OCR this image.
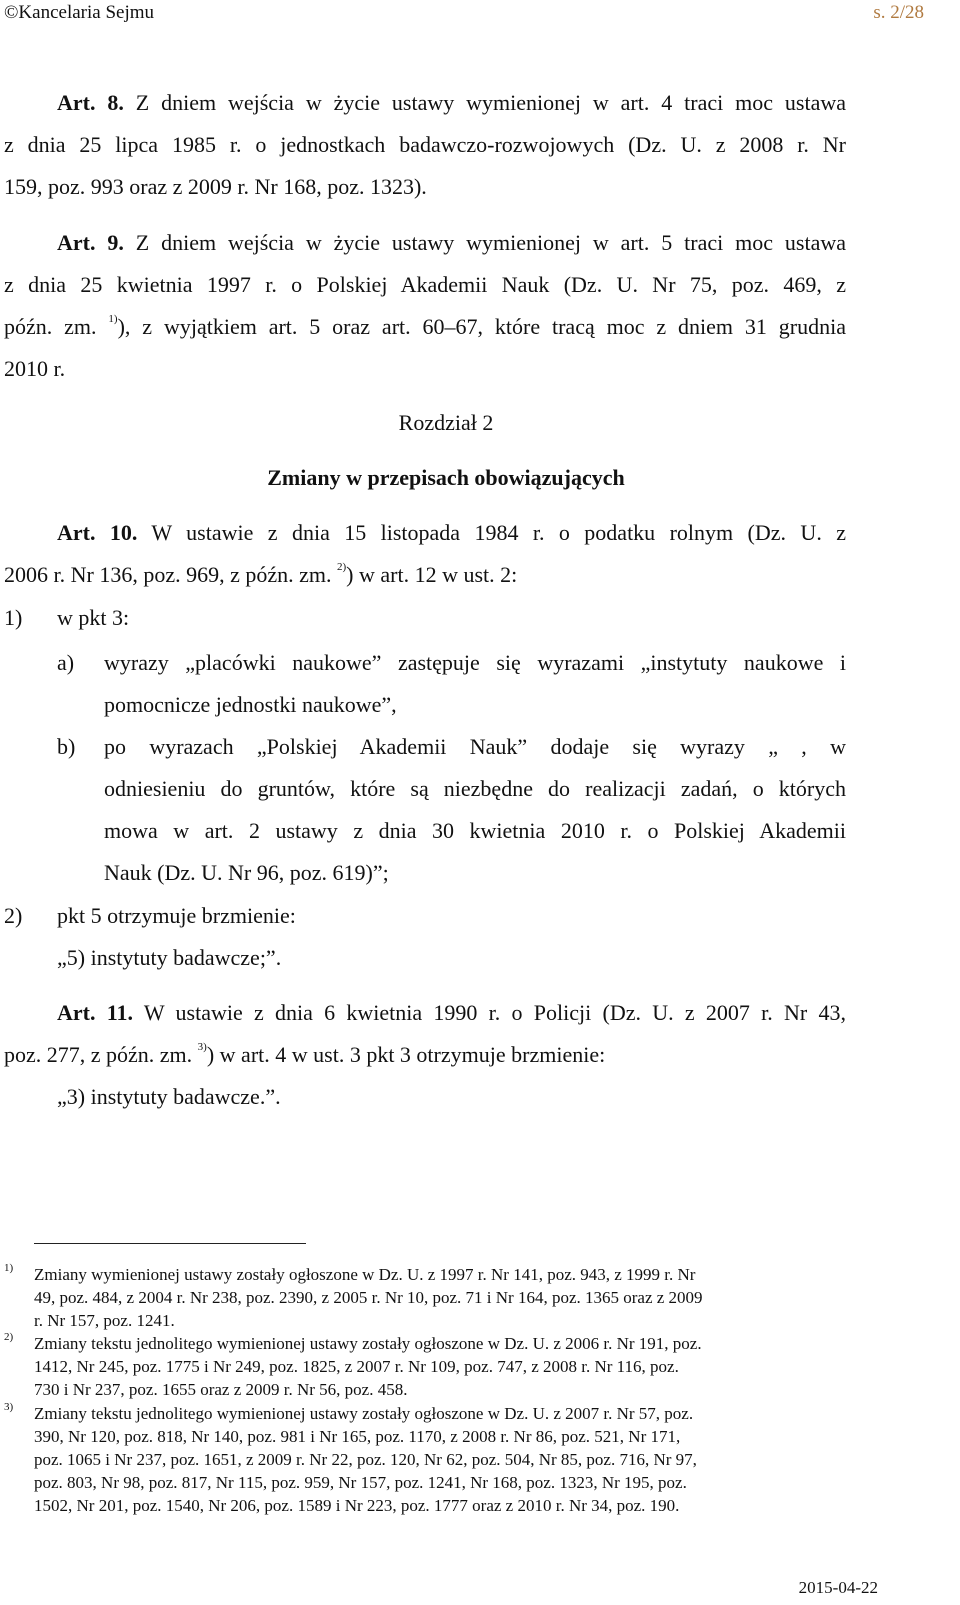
©Kancelaria Sejmu	s. 2/28
Art. 8. Z dniem wejścia w życie ustawy wymienionej w art. 4 traci moc ustawa
z dnia 25 lipca 1985 r. o jednostkach badawczo-rozwojowych (Dz. U. z 2008 r. Nr
159, poz. 993 oraz z 2009 r. Nr 168, poz. 1323).
Art. 9. Z dniem wejścia w życie ustawy wymienionej w art. 5 traci moc ustawa
z dnia 25 kwietnia 1997 r. o Polskiej Akademii Nauk (Dz. U. Nr 75, poz. 469, z
późn. zm. $^{1)}$), z wyjątkiem art. 5 oraz art. 60–67, które tracą moc z dniem 31 grudnia
2010 r.
Rozdział 2
Zmiany w przepisach obowiązujących
Art. 10. W ustawie z dnia 15 listopada 1984 r. o podatku rolnym (Dz. U. z
2006 r. Nr 136, poz. 969, z późn. zm. $^{2)}$) w art. 12 w ust. 2:
1) w pkt 3:
a) wyrazy „placówki naukowe” zastępuje się wyrazami „instytuty naukowe i
pomocnicze jednostki naukowe”,
b) po wyrazach „Polskiej Akademii Nauk” dodaje się wyrazy „ , w
odniesieniu do gruntów, które są niezbędne do realizacji zadań, o których
mowa w art. 2 ustawy z dnia 30 kwietnia 2010 r. o Polskiej Akademii
Nauk (Dz. U. Nr 96, poz. 619)”;
2) pkt 5 otrzymuje brzmienie:
„5) instytuty badawcze;”.
Art. 11. W ustawie z dnia 6 kwietnia 1990 r. o Policji (Dz. U. z 2007 r. Nr 43,
poz. 277, z późn. zm. $^{3)}$) w art. 4 w ust. 3 pkt 3 otrzymuje brzmienie:
„3) instytuty badawcze.”.
1) Zmiany wymienionej ustawy zostały ogłoszone w Dz. U. z 1997 r. Nr 141, poz. 943, z 1999 r. Nr
49, poz. 484, z 2004 r. Nr 238, poz. 2390, z 2005 r. Nr 10, poz. 71 i Nr 164, poz. 1365 oraz z 2009
r. Nr 157, poz. 1241.
2) Zmiany tekstu jednolitego wymienionej ustawy zostały ogłoszone w Dz. U. z 2006 r. Nr 191, poz.
1412, Nr 245, poz. 1775 i Nr 249, poz. 1825, z 2007 r. Nr 109, poz. 747, z 2008 r. Nr 116, poz.
730 i Nr 237, poz. 1655 oraz z 2009 r. Nr 56, poz. 458.
3) Zmiany tekstu jednolitego wymienionej ustawy zostały ogłoszone w Dz. U. z 2007 r. Nr 57, poz.
390, Nr 120, poz. 818, Nr 140, poz. 981 i Nr 165, poz. 1170, z 2008 r. Nr 86, poz. 521, Nr 171,
poz. 1065 i Nr 237, poz. 1651, z 2009 r. Nr 22, poz. 120, Nr 62, poz. 504, Nr 85, poz. 716, Nr 97,
poz. 803, Nr 98, poz. 817, Nr 115, poz. 959, Nr 157, poz. 1241, Nr 168, poz. 1323, Nr 195, poz.
1502, Nr 201, poz. 1540, Nr 206, poz. 1589 i Nr 223, poz. 1777 oraz z 2010 r. Nr 34, poz. 190.
2015-04-22
